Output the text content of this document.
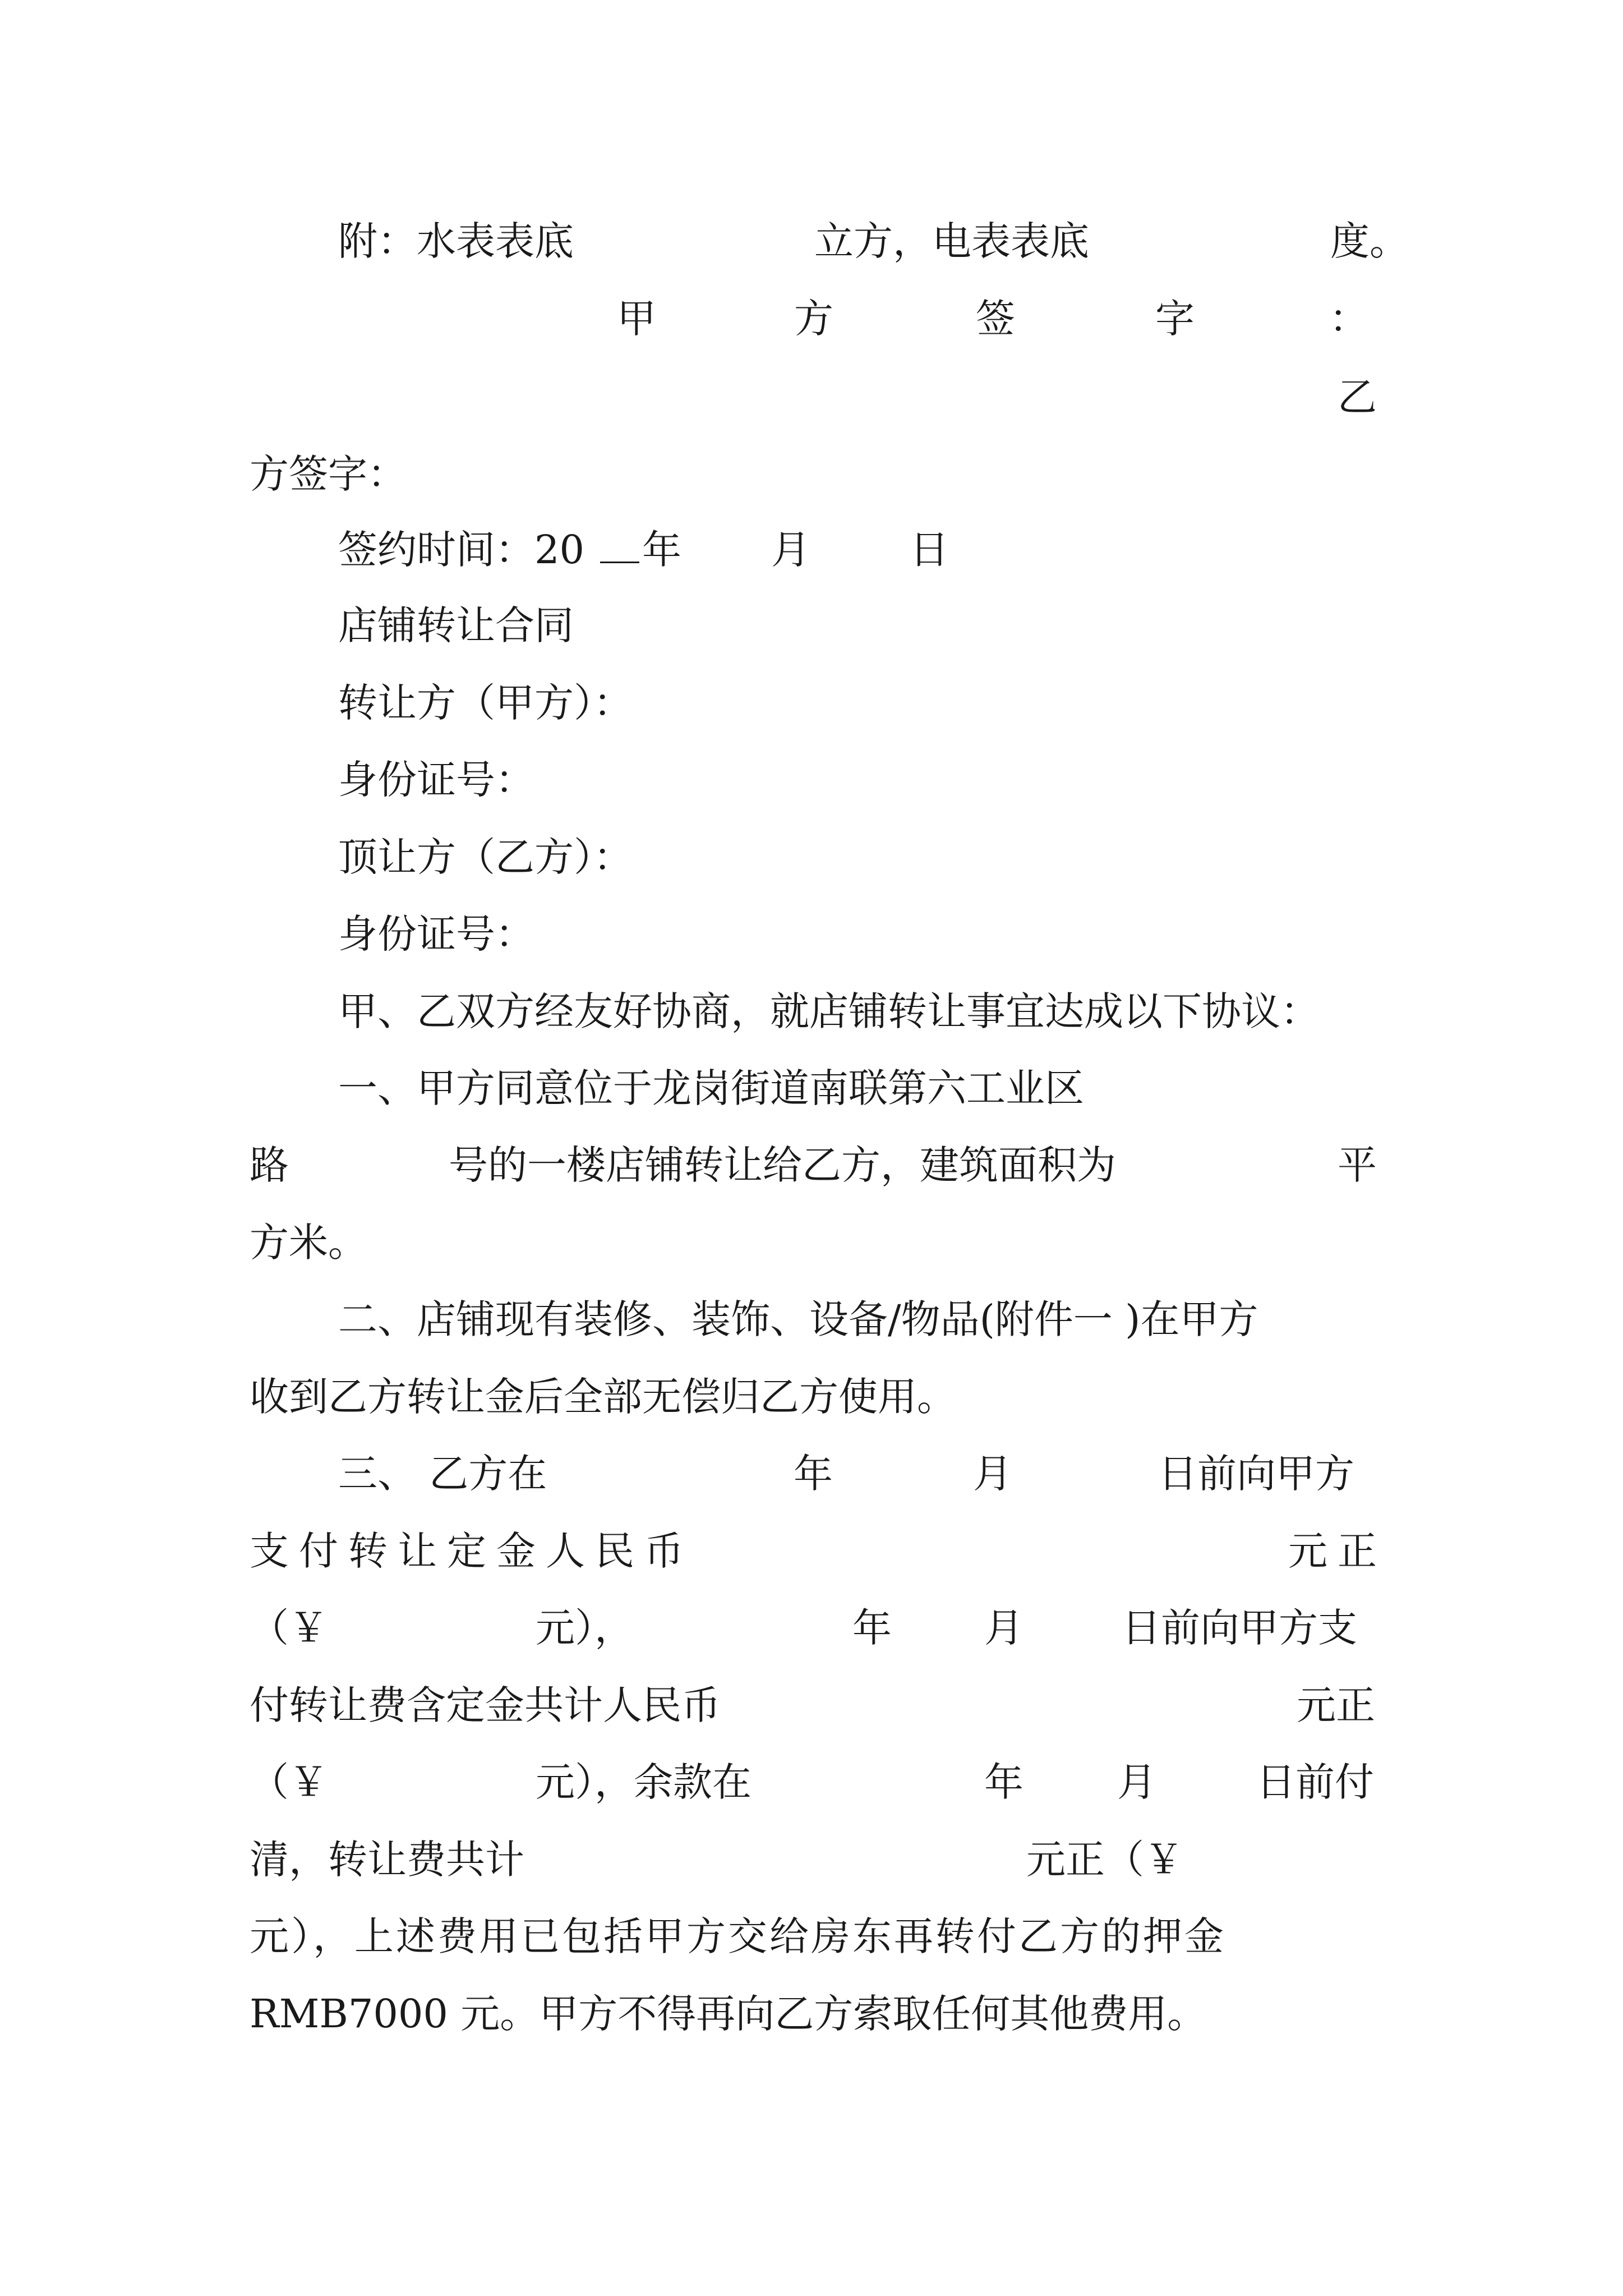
附：水表表底	立方，电表表底	度。
甲	方	签	字	：
乙
方签字：
签约时间：20 年 月	日
店铺转让合同
转让方（甲方）：
身份证号：
顶让方（乙方）：
身份证号：
甲、乙双方经友好协商，就店铺转让事宜达成以下协议：
一、甲方同意位于龙岗街道南联第六工业区
路	号的一楼店铺转让给乙方，建筑面积为	平
方米。
二、店铺现有装修、装饰、设备/物品(附件一 )在甲方
收到乙方转让金后全部无偿归乙方使用。
三、 乙方在	年	月	日前向甲方
支付转让定金人民币	元正
（￥	元），	年 月	日前向甲方支
付转让费含定金共计人民币	元正
（￥	元），余款在	年 月	日前付
清，转让费共计	元正（￥
元），上述费用已包括甲方交给房东再转付乙方的押金
RMB7000 元。甲方不得再向乙方索取任何其他费用。
